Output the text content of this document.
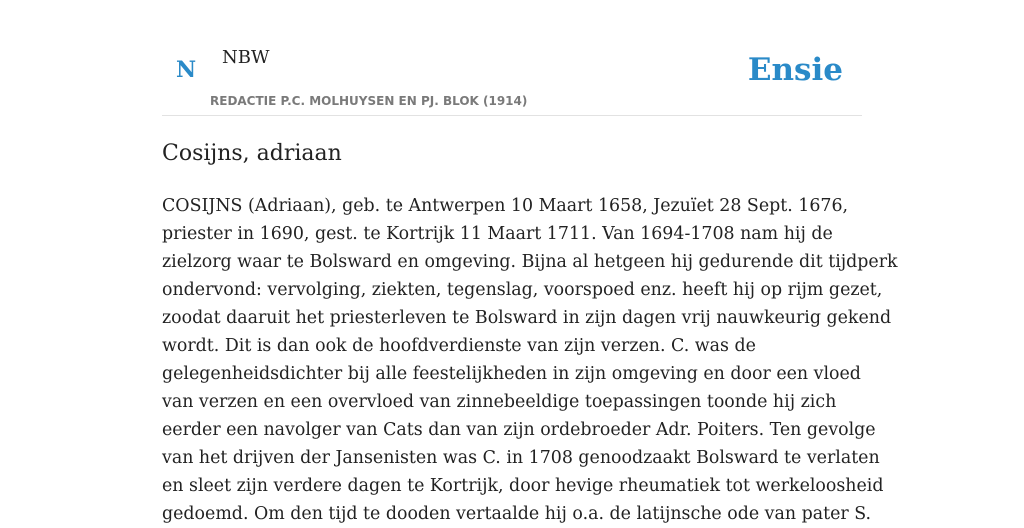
N NBW
REDACTIE P.C. MOLHUYSEN EN PJ. BLOK (1914)
Ensie
Cosijns, adriaan

COSIJNS (Adriaan), geb. te Antwerpen 10 Maart 1658, Jezuïet 28 Sept. 1676,
priester in 1690, gest. te Kortrijk 11 Maart 1711. Van 1694-1708 nam hij de
zielzorg waar te Bolsward en omgeving. Bijna al hetgeen hij gedurende dit tijdperk
ondervond: vervolging, ziekten, tegenslag, voorspoed enz. heeft hij op rijm gezet,
zoodat daaruit het priesterleven te Bolsward in zijn dagen vrij nauwkeurig gekend
wordt. Dit is dan ook de hoofdverdienste van zijn verzen. C. was de
gelegenheidsdichter bij alle feestelijkheden in zijn omgeving en door een vloed
van verzen en een overvloed van zinnebeeldige toepassingen toonde hij zich
eerder een navolger van Cats dan van zijn ordebroeder Adr. Poiters. Ten gevolge
van het drijven der Jansenisten was C. in 1708 genoodzaakt Bolsward te verlaten
en sleet zijn verdere dagen te Kortrijk, door hevige rheumatiek tot werkeloosheid
gedoemd. Om den tijd te dooden vertaalde hij o.a. de latijnsche ode van pater S.
